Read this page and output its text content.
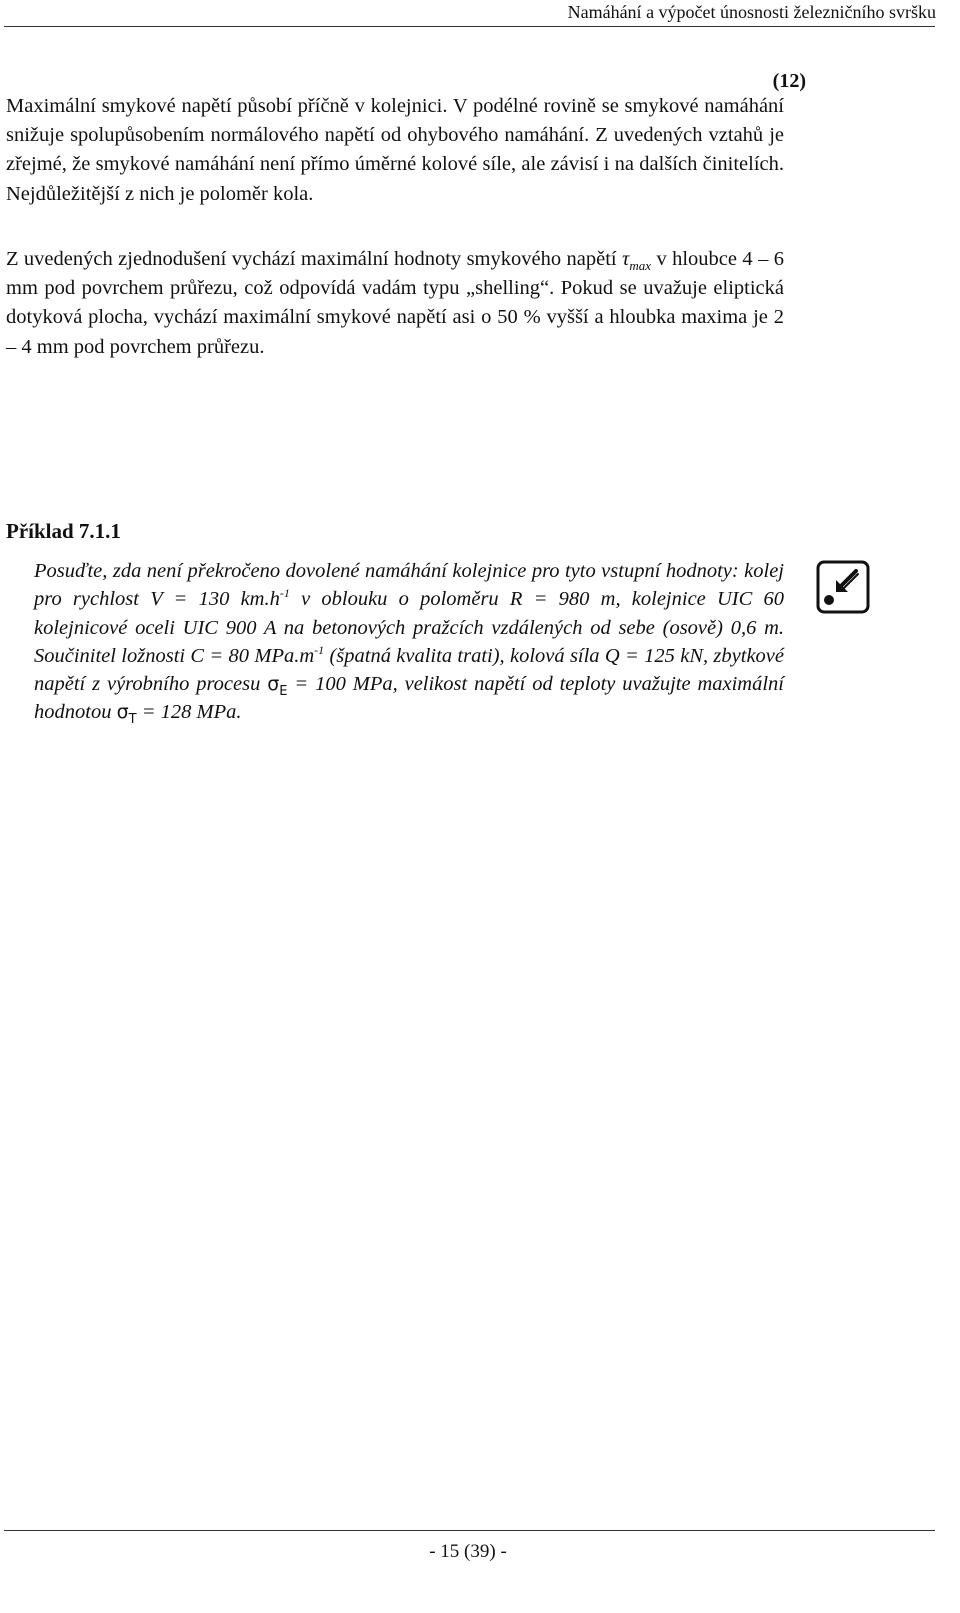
Namáhání a výpočet únosnosti železničního svršku
(12)

Maximální smykové napětí působí příčně v kolejnici. V podélné rovině se smykové namáhání snižuje spolupůsobením normálového napětí od ohybového namáhání. Z uvedených vztahů je zřejmé, že smykové namáhání není přímo úměrné kolové síle, ale závisí i na dalších činitelích. Nejdůležitější z nich je poloměr kola.

Z uvedených zjednodušení vychází maximální hodnoty smykového napětí $\tau_{max}$ v hloubce 4 – 6 mm pod povrchem průřezu, což odpovídá vadám typu „shelling“. Pokud se uvažuje eliptická dotyková plocha, vychází maximální smykové napětí asi o 50 % vyšší a hloubka maxima je 2 – 4 mm pod povrchem průřezu.

Příklad 7.1.1

Posuďte, zda není překročeno dovolené namáhání kolejnice pro tyto vstupní hodnoty: kolej pro rychlost V = 130 $km.h^{-1}$ v oblouku o poloměru R = 980 m, kolejnice UIC 60 kolejnicové oceli UIC 900 A na betonových pražcích vzdálených od sebe (osově) 0,6 m. Součinitel ložnosti C = 80 $MPa.m^{-1}$ (špatná kvalita trati), kolová síla Q = 125 kN, zbytkové napětí z výrobního procesu $\sigma_E = 100$ MPa, velikost napětí od teploty uvažujte maximální hodnotou $\sigma_T = 128$ MPa.

- 15 (39) -
